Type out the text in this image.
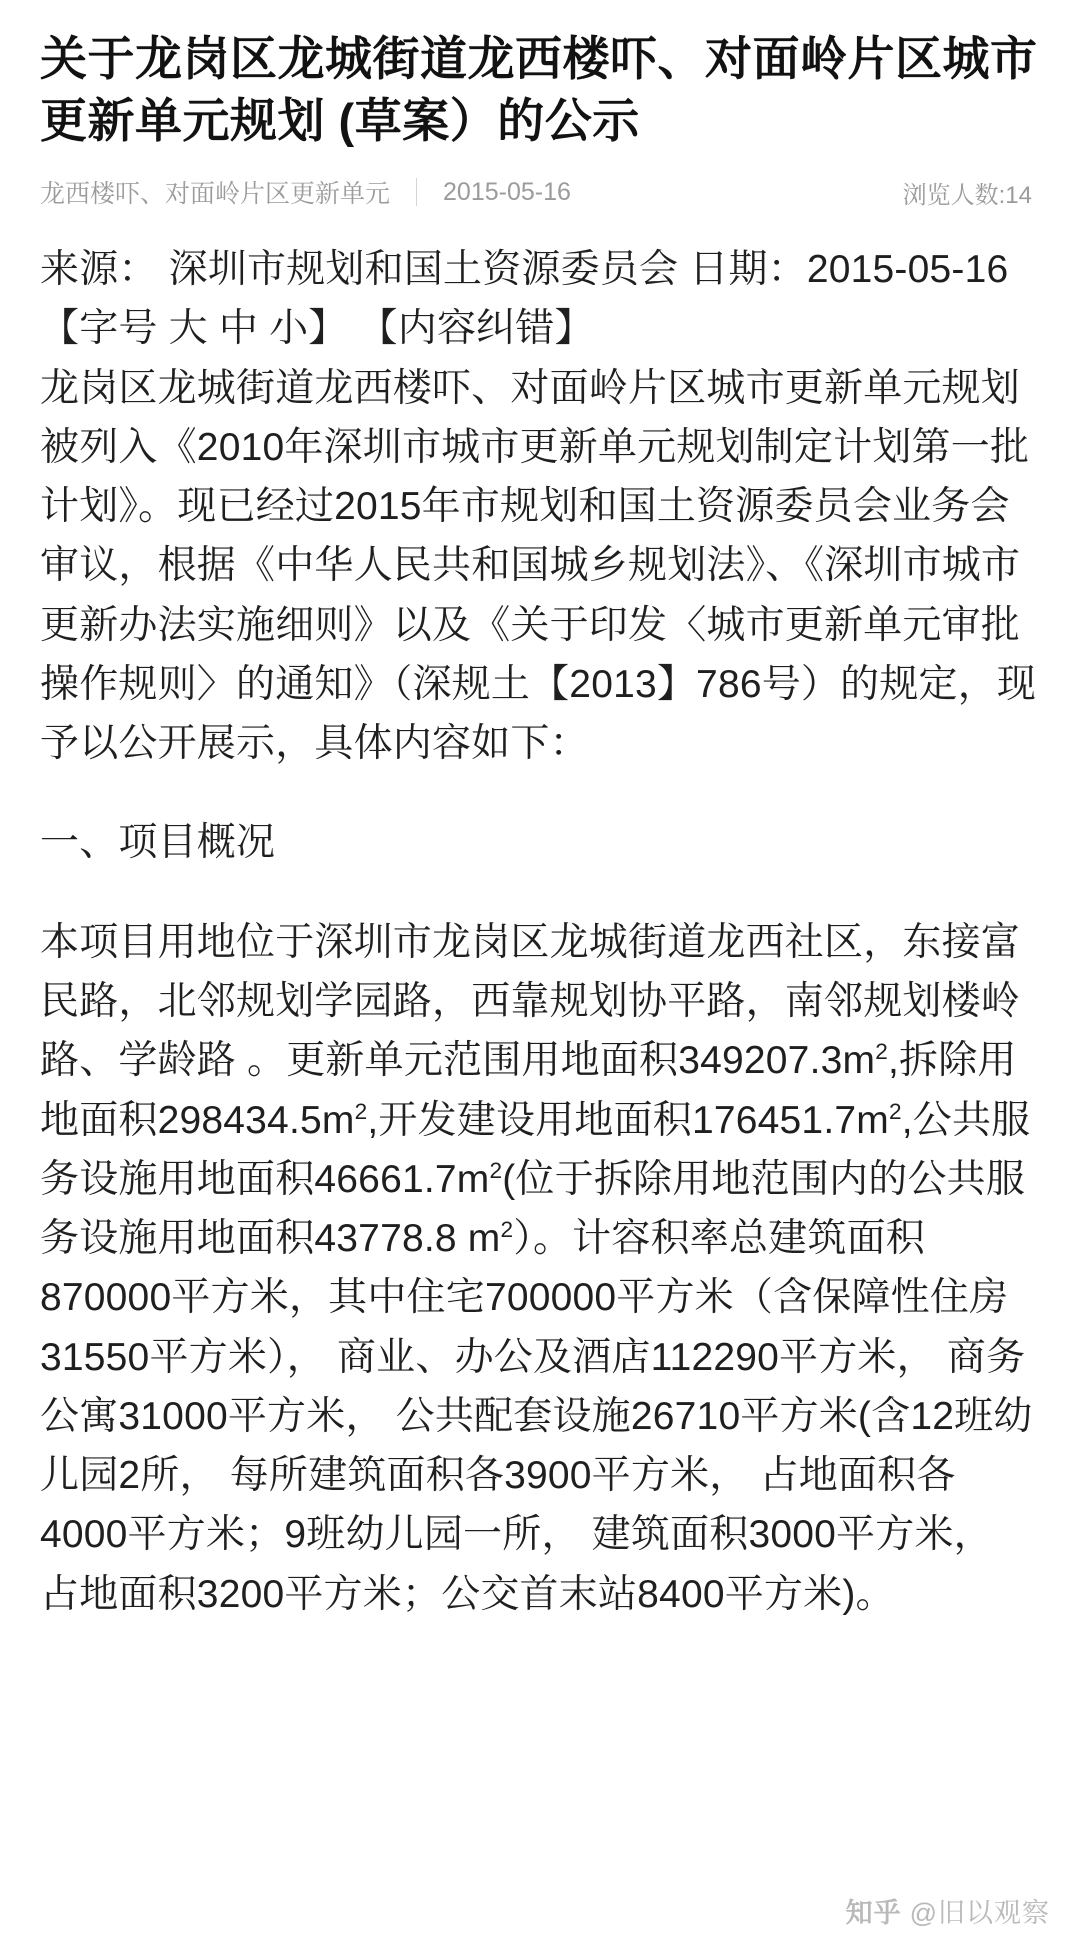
关于龙岗区龙城街道龙西楼吓、对面岭片区城市更新单元规划 (草案）的公示
龙西楼吓、对面岭片区更新单元 2015-05-16	浏览人数:14

来源： 深圳市规划和国土资源委员会 日期：2015-05-16

【字号 大 中 小】 【内容纠错】

龙岗区龙城街道龙西楼吓、对面岭片区城市更新单元规划被列入《2010年深圳市城市更新单元规划制定计划第一批计划》。现已经过2015年市规划和国土资源委员会业务会审议，根据《中华人民共和国城乡规划法》、《深圳市城市更新办法实施细则》以及《关于印发〈城市更新单元审批操作规则〉的通知》（深规土【2013】786号）的规定，现予以公开展示，具体内容如下：

一、项目概况

本项目用地位于深圳市龙岗区龙城街道龙西社区，东接富民路，北邻规划学园路，西靠规划协平路，南邻规划楼岭路、学龄路 。更新单元范围用地面积$349207.3m^2$,拆除用地面积$298434.5m^2$,开发建设用地面积$176451.7m^2$,公共服务设施用地面积$46661.7m^2$(位于拆除用地范围内的公共服务设施用地面积43778.8 $m^2$）。计容积率总建筑面积870000平方米，其中住宅700000平方米（含保障性住房31550平方米）， 商业、办公及酒店112290平方米， 商务公寓31000平方米， 公共配套设施26710平方米(含12班幼儿园2所， 每所建筑面积各3900平方米， 占地面积各4000平方米；9班幼儿园一所， 建筑面积3000平方米， 占地面积3200平方米；公交首末站8400平方米)。

知乎 @旧以观察
